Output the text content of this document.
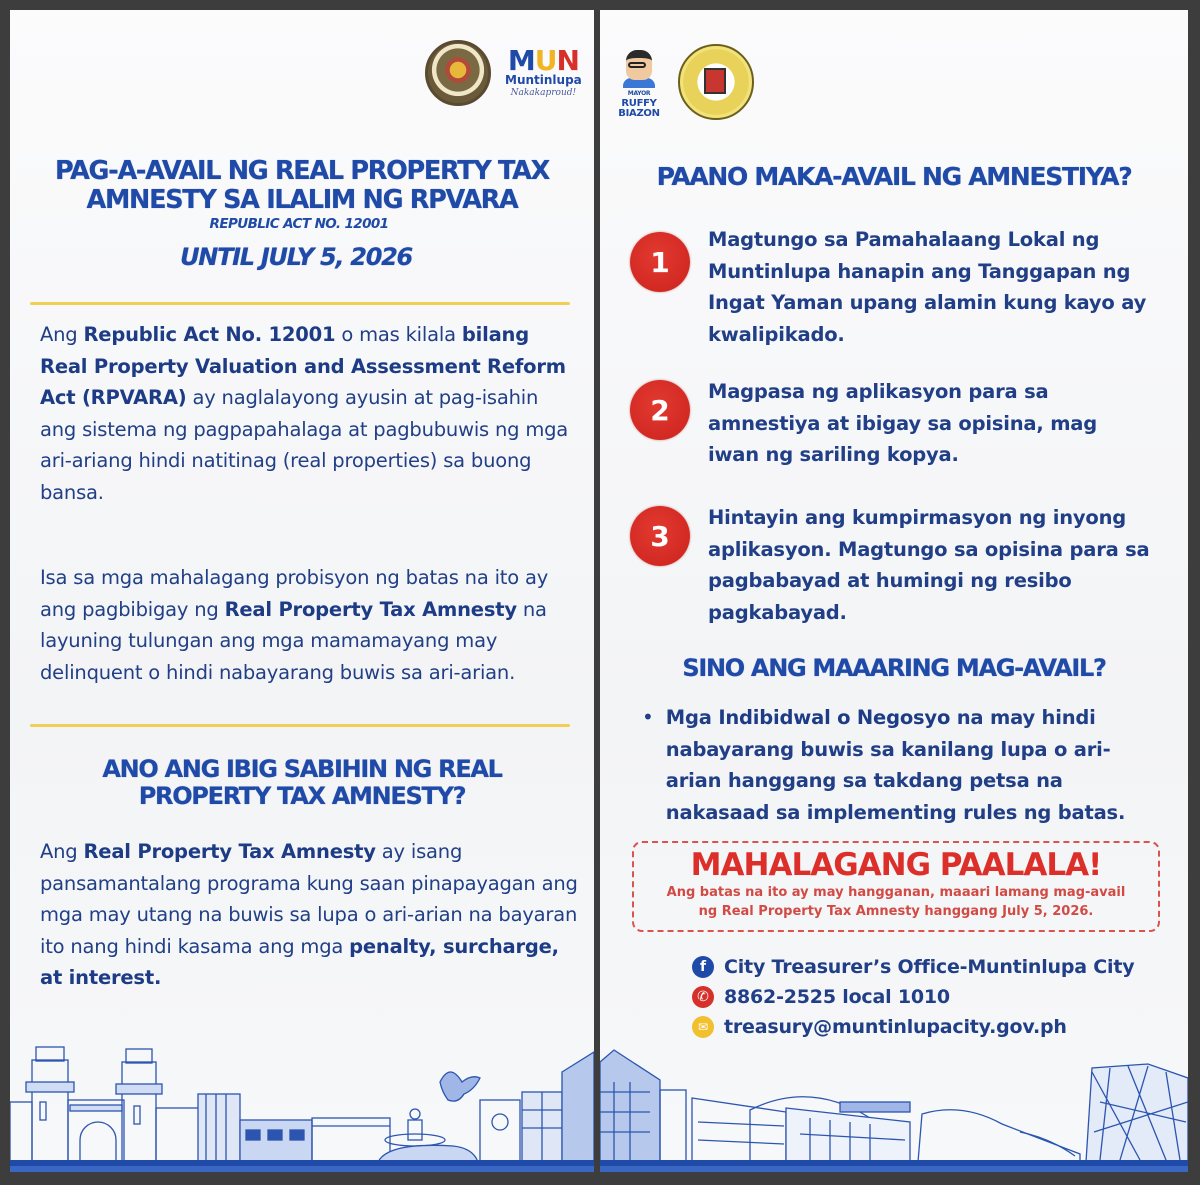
MUN
Muntinlupa
Nakakaproud!
PAG-A-AVAIL NG REAL PROPERTY TAX
AMNESTY SA ILALIM NG RPVARA
REPUBLIC ACT NO. 12001
UNTIL JULY 5, 2026

Ang Republic Act No. 12001 o mas kilala bilang Real Property Valuation and Assessment Reform Act (RPVARA) ay naglalayong ayusin at pag-isahin ang sistema ng pagpapahalaga at pagbubuwis ng mga ari-ariang hindi natitinag (real properties) sa buong bansa.

Isa sa mga mahalagang probisyon ng batas na ito ay ang pagbibigay ng Real Property Tax Amnesty na layuning tulungan ang mga mamamayang may delinquent o hindi nabayarang buwis sa ari-arian.

ANO ANG IBIG SABIHIN NG REAL
PROPERTY TAX AMNESTY?

Ang Real Property Tax Amnesty ay isang pansamantalang programa kung saan pinapayagan ang mga may utang na buwis sa lupa o ari-arian na bayaran ito nang hindi kasama ang mga penalty, surcharge, at interest.

MAYOR
RUFFY
BIAZON
PAANO MAKA-AVAIL NG AMNESTIYA?
1

Magtungo sa Pamahalaang Lokal ng Muntinlupa hanapin ang Tanggapan ng Ingat Yaman upang alamin kung kayo ay kwalipikado.

2

Magpasa ng aplikasyon para sa amnestiya at ibigay sa opisina, mag iwan ng sariling kopya.

3

Hintayin ang kumpirmasyon ng inyong aplikasyon. Magtungo sa opisina para sa pagbabayad at humingi ng resibo pagkabayad.

SINO ANG MAAARING MAG-AVAIL?
• Mga Indibidwal o Negosyo na may hindi nabayarang buwis sa kanilang lupa o ari-arian hanggang sa takdang petsa na nakasaad sa implementing rules ng batas.

MAHALAGANG PAALALA!
Ang batas na ito ay may hangganan, maaari lamang mag-avail
ng Real Property Tax Amnesty hanggang July 5, 2026.
f City Treasurer’s Office-Muntinlupa City
✆ 8862-2525 local 1010
✉ treasury@muntinlupacity.gov.ph
